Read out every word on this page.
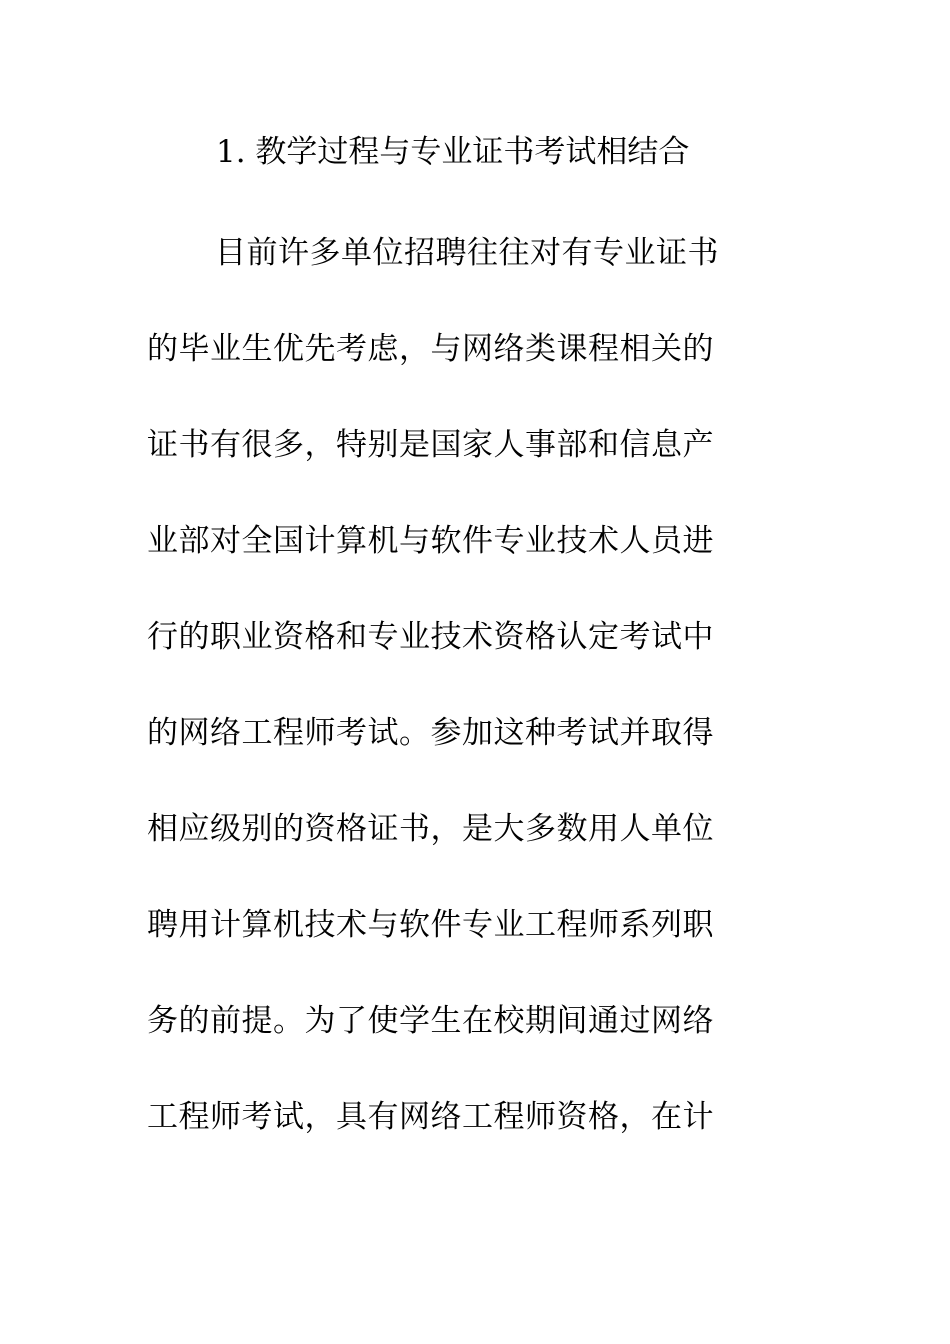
1. 教学过程与专业证书考试相结合
目前许多单位招聘往往对有专业证书
的毕业生优先考虑，与网络类课程相关的
证书有很多，特别是国家人事部和信息产
业部对全国计算机与软件专业技术人员进
行的职业资格和专业技术资格认定考试中
的网络工程师考试。参加这种考试并取得
相应级别的资格证书，是大多数用人单位
聘用计算机技术与软件专业工程师系列职
务的前提。为了使学生在校期间通过网络
工程师考试，具有网络工程师资格，在计
